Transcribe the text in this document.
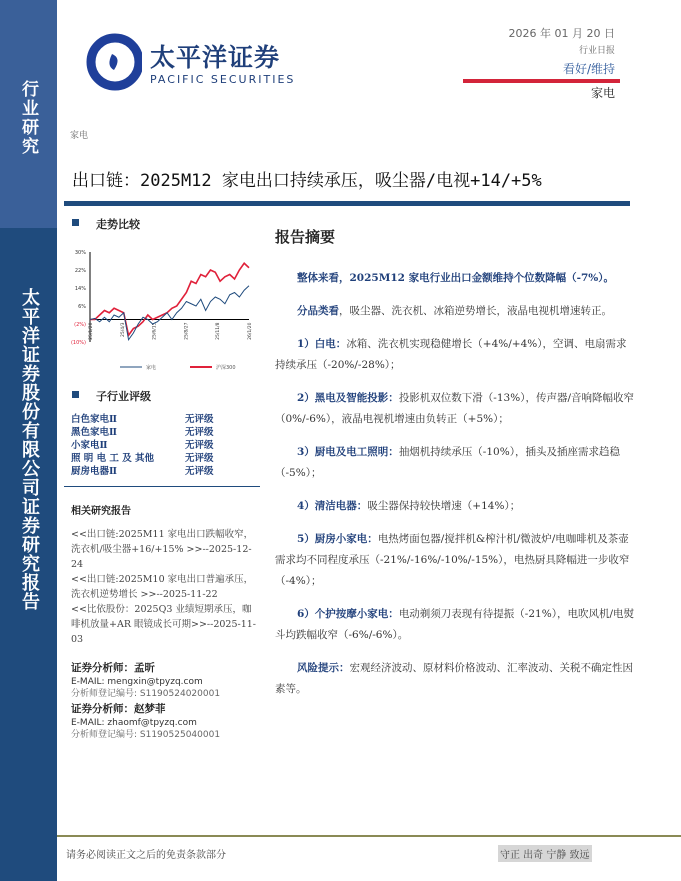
行业研究
太平洋证券股份有限公司证券研究报告
太平洋证券
PACIFIC SECURITIES
2026 年 01 月 20 日
行业日报
看好/维持
家电
家电
出口链：2025M12 家电出口持续承压，吸尘器/电视+14/+5%
走势比较
30%
22%
14%
6%
(2%)
(10%)
25/1/20	25/4/3	25/6/15	25/8/27	25/11/8	26/1/20
家电	沪深300
子行业评级
白色家电Ⅱ	无评级
黑色家电Ⅱ	无评级
小家电Ⅱ	无评级
照 明 电 工 及 其他	无评级
厨房电器Ⅱ	无评级
相关研究报告
<<出口链:2025M11 家电出口跌幅收窄，洗衣机/吸尘器+16/+15% >>--2025-12-24
<<出口链:2025M10 家电出口普遍承压，洗衣机逆势增长 >>--2025-11-22
<<比依股份：2025Q3 业绩短期承压，咖啡机放量+AR 眼镜成长可期>>--2025-11-03
证券分析师：孟昕
E-MAIL: mengxin@tpyzq.com
分析师登记编号: S1190524020001
证券分析师：赵梦菲
E-MAIL: zhaomf@tpyzq.com
分析师登记编号: S1190525040001
报告摘要
整体来看，2025M12 家电行业出口金额维持个位数降幅（-7%）。
分品类看，吸尘器、洗衣机、冰箱逆势增长，液晶电视机增速转正。
1）白电：冰箱、洗衣机实现稳健增长（+4%/+4%），空调、电扇需求持续承压（-20%/-28%）；
2）黑电及智能投影：投影机双位数下滑（-13%），传声器/音响降幅收窄（0%/-6%），液晶电视机增速由负转正（+5%）；
3）厨电及电工照明：抽烟机持续承压（-10%），插头及插座需求趋稳（-5%）；
4）清洁电器：吸尘器保持较快增速（+14%）；
5）厨房小家电：电热烤面包器/搅拌机&榨汁机/微波炉/电咖啡机及茶壶需求均不同程度承压（-21%/-16%/-10%/-15%），电热厨具降幅进一步收窄（-4%）；
6）个护按摩小家电：电动剃须刀表现有待提振（-21%），电吹风机/电熨斗均跌幅收窄（-6%/-6%）。
风险提示：宏观经济波动、原材料价格波动、汇率波动、关税不确定性因素等。
请务必阅读正文之后的免责条款部分	守正 出奇 宁静 致远
